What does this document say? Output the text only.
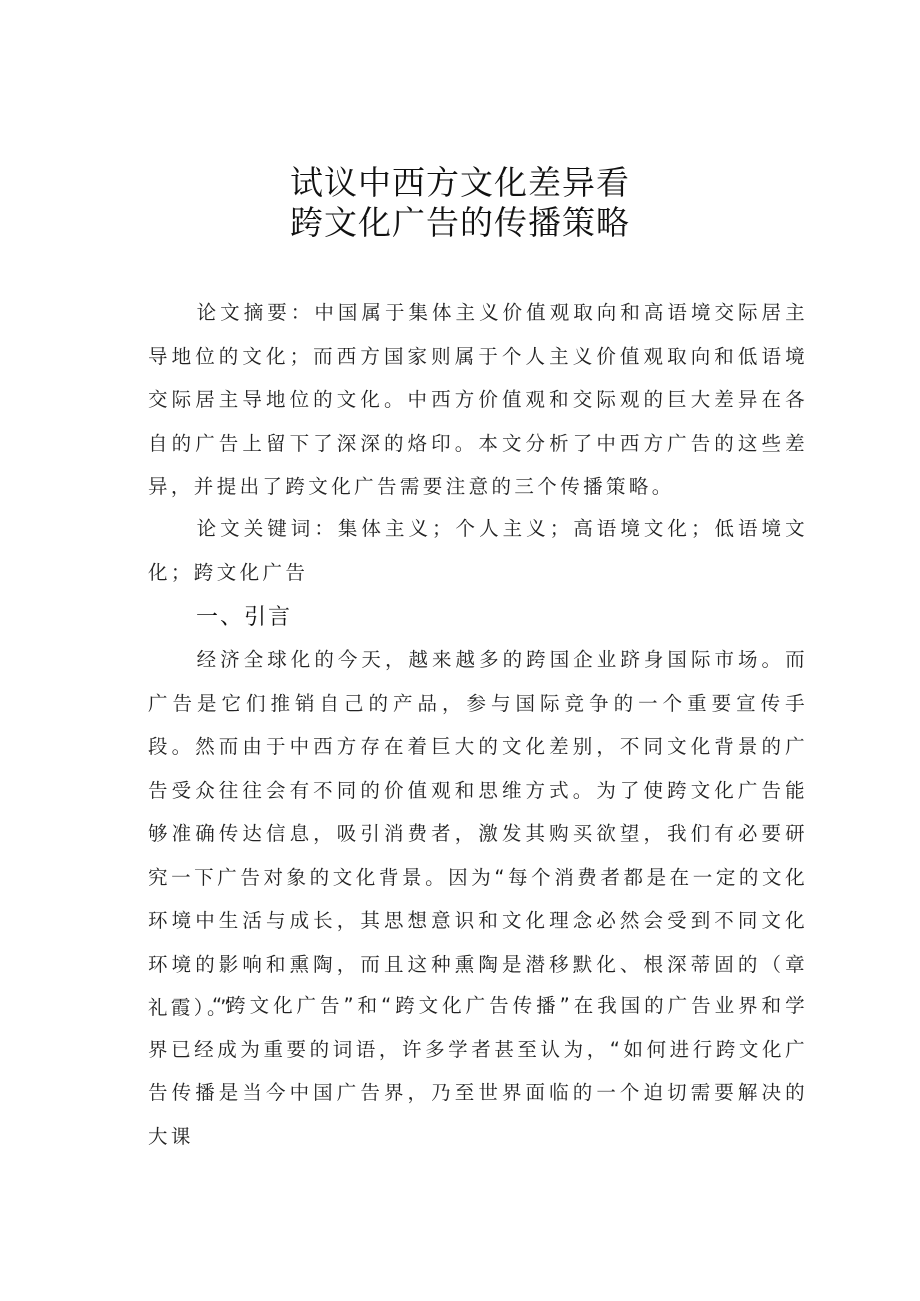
试议中西方文化差异看
跨文化广告的传播策略

论文摘要：中国属于集体主义价值观取向和高语境交际居主导地位的文化；而西方国家则属于个人主义价值观取向和低语境交际居主导地位的文化。中西方价值观和交际观的巨大差异在各自的广告上留下了深深的烙印。本文分析了中西方广告的这些差异，并提出了跨文化广告需要注意的三个传播策略。

论文关键词：集体主义；个人主义；高语境文化；低语境文化；跨文化广告

一、引言

经济全球化的今天，越来越多的跨国企业跻身国际市场。而广告是它们推销自己的产品，参与国际竞争的一个重要宣传手段。然而由于中西方存在着巨大的文化差别，不同文化背景的广告受众往往会有不同的价值观和思维方式。为了使跨文化广告能够准确传达信息，吸引消费者，激发其购买欲望，我们有必要研究一下广告对象的文化背景。因为“每个消费者都是在一定的文化环境中生活与成长，其思想意识和文化理念必然会受到不同文化环境的影响和熏陶，而且这种熏陶是潜移默化、根深蒂固的（章礼霞）。”

“跨文化广告”和“跨文化广告传播”在我国的广告业界和学界已经成为重要的词语，许多学者甚至认为，“如何进行跨文化广告传播是当今中国广告界，乃至世界面临的一个迫切需要解决的大课
